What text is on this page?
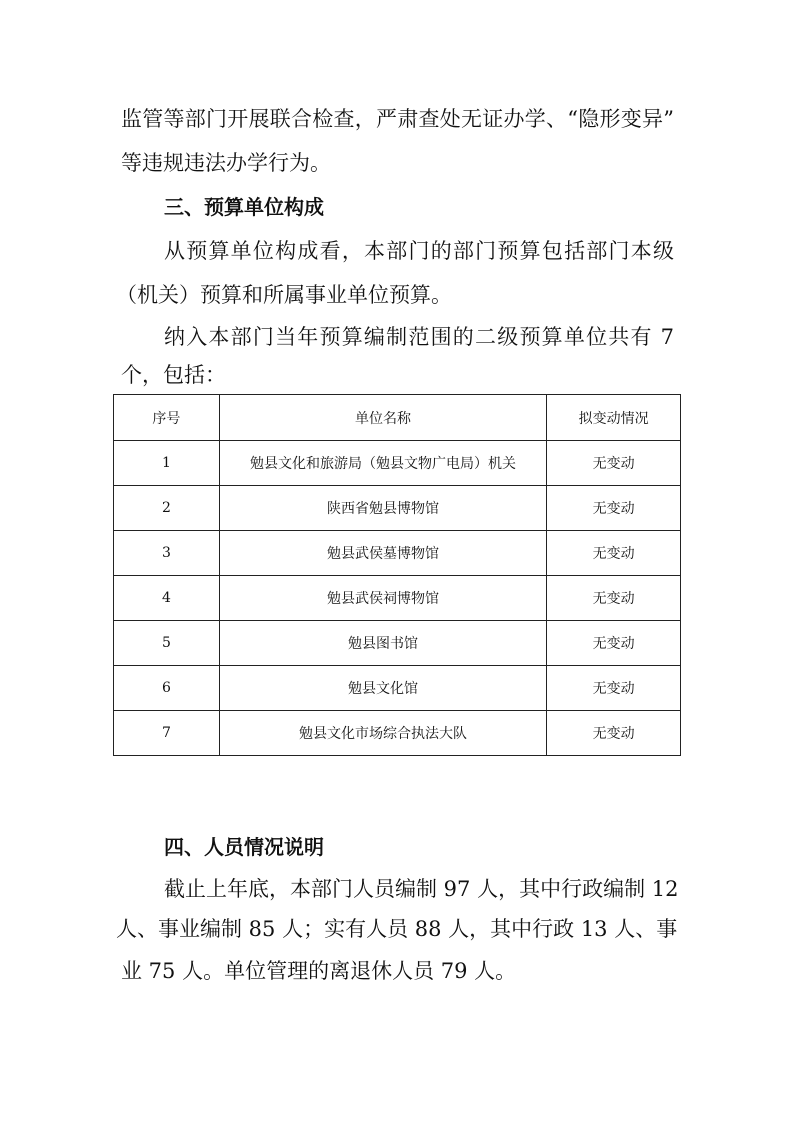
监管等部门开展联合检查，严肃查处无证办学、“隐形变异”

等违规违法办学行为。

三、预算单位构成

从预算单位构成看，本部门的部门预算包括部门本级

（机关）预算和所属事业单位预算。

纳入本部门当年预算编制范围的二级预算单位共有 7

个，包括：

序号	单位名称	拟变动情况
1	勉县文化和旅游局（勉县文物广电局）机关	无变动
2	陕西省勉县博物馆	无变动
3	勉县武侯墓博物馆	无变动
4	勉县武侯祠博物馆	无变动
5	勉县图书馆	无变动
6	勉县文化馆	无变动
7	勉县文化市场综合执法大队	无变动

四、人员情况说明

截止上年底，本部门人员编制 97 人，其中行政编制 12

人、事业编制 85 人；实有人员 88 人，其中行政 13 人、事

业 75 人。单位管理的离退休人员 79 人。
